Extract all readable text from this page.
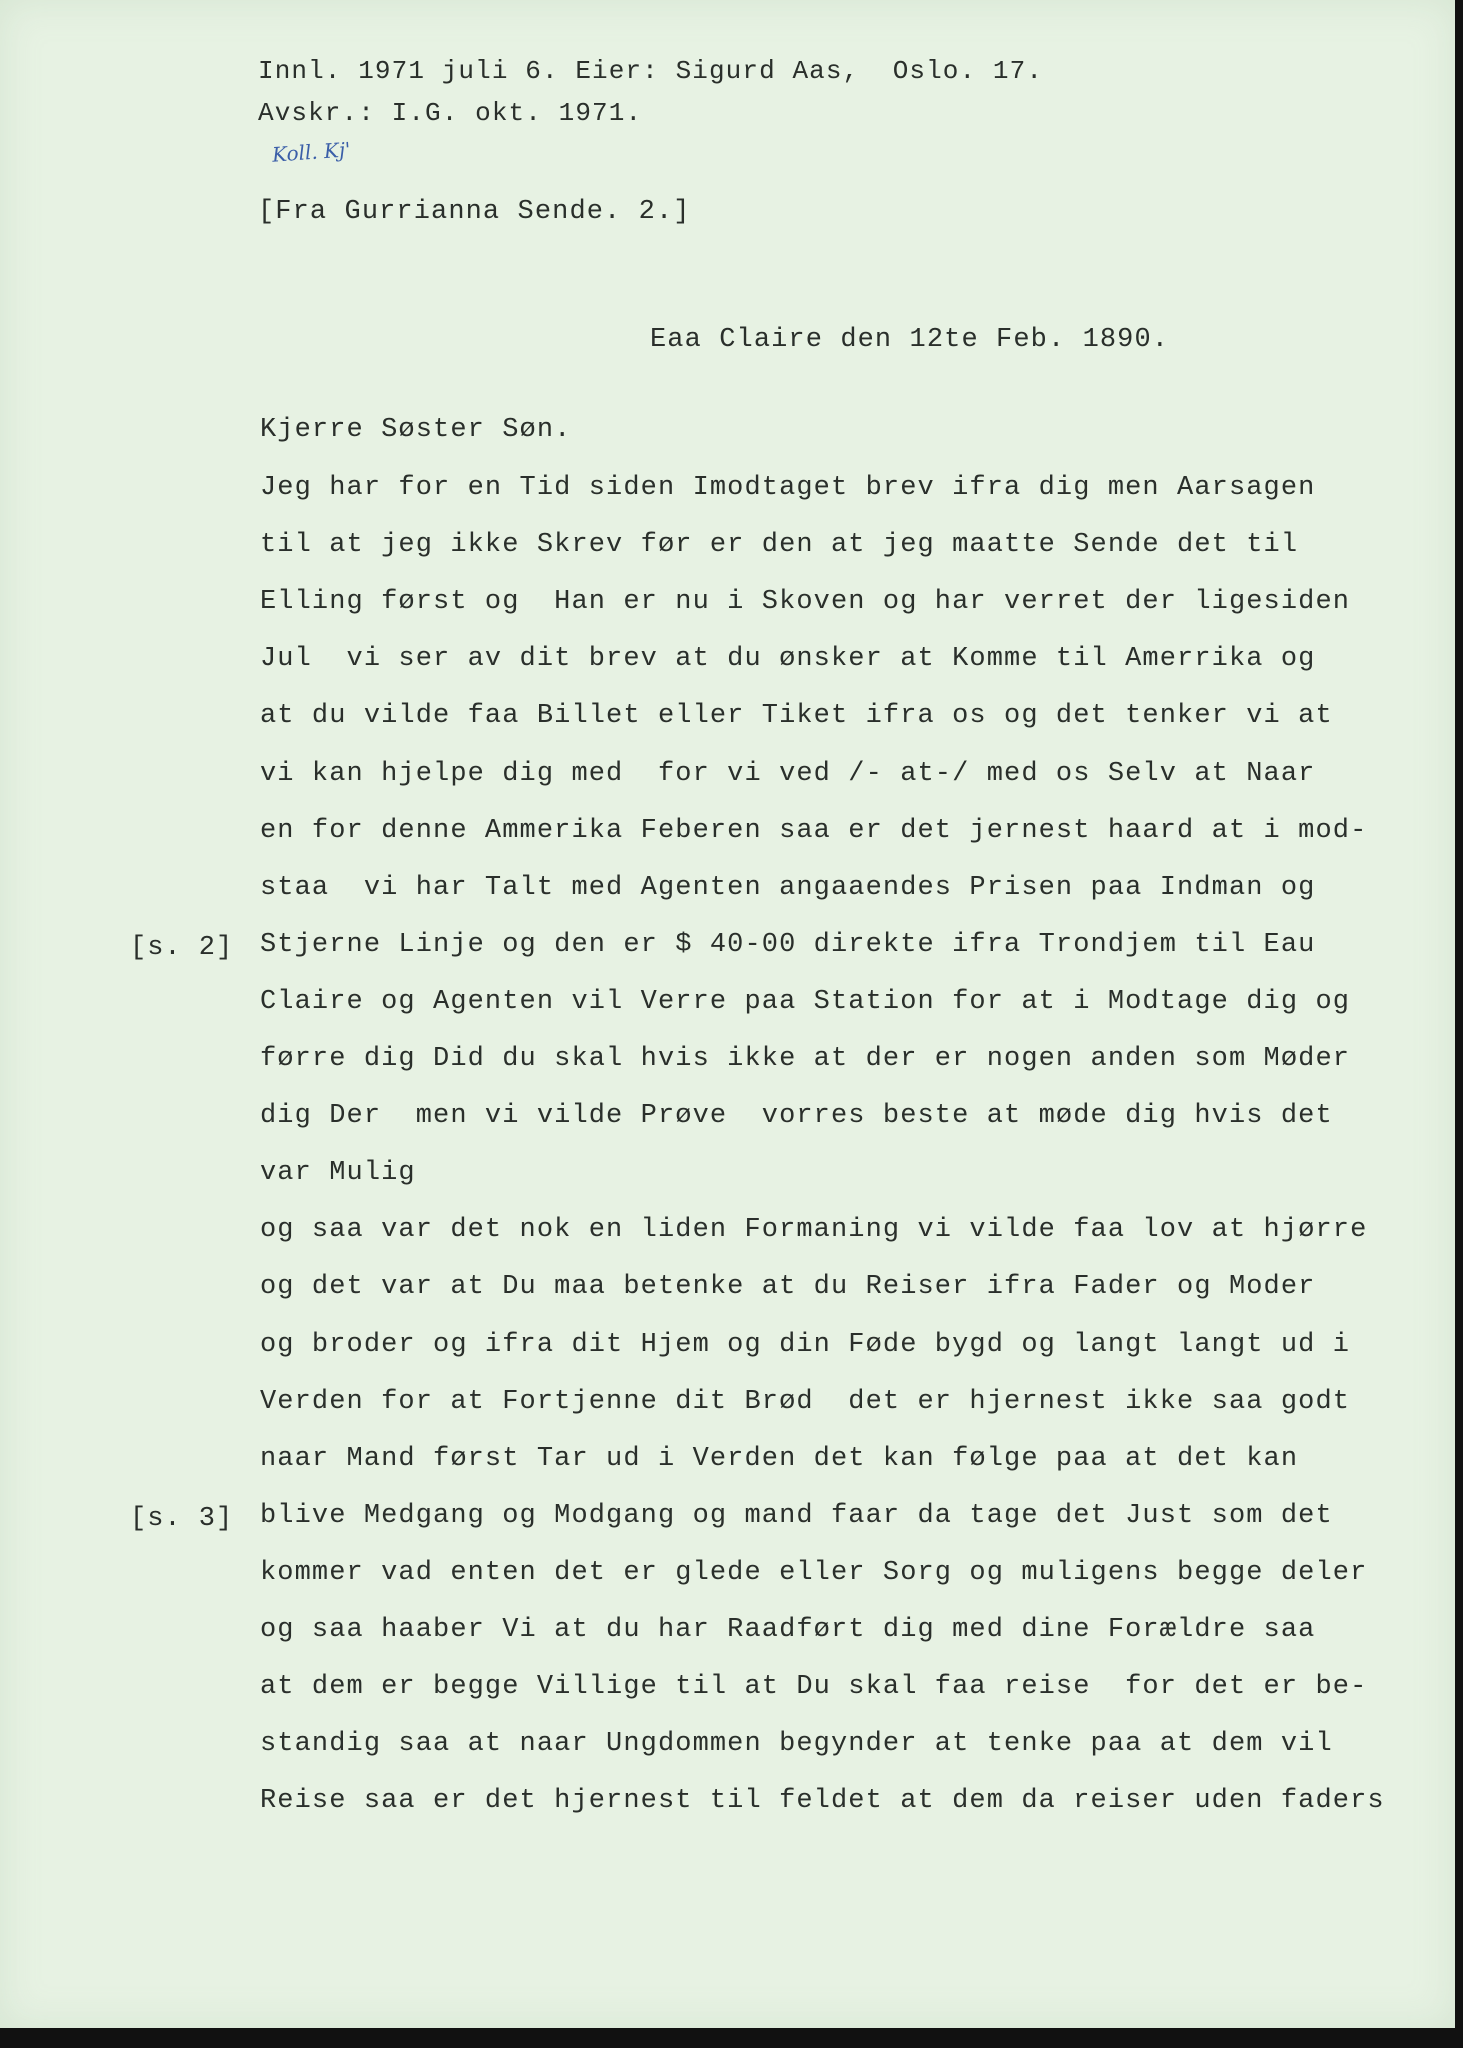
Innl. 1971 juli 6. Eier: Sigurd Aas,  Oslo. 17.
Avskr.: I.G. okt. 1971.
Koll. Kj'
[Fra Gurrianna Sende. 2.]
Eaa Claire den 12te Feb. 1890.
Kjerre Søster Søn.
Jeg har for en Tid siden Imodtaget brev ifra dig men Aarsagen
til at jeg ikke Skrev før er den at jeg maatte Sende det til
Elling først og  Han er nu i Skoven og har verret der ligesiden
Jul  vi ser av dit brev at du ønsker at Komme til Amerrika og
at du vilde faa Billet eller Tiket ifra os og det tenker vi at
vi kan hjelpe dig med  for vi ved /- at-/ med os Selv at Naar
en for denne Ammerika Feberen saa er det jernest haard at i mod-
staa  vi har Talt med Agenten angaaendes Prisen paa Indman og
Stjerne Linje og den er $ 40-00 direkte ifra Trondjem til Eau
Claire og Agenten vil Verre paa Station for at i Modtage dig og
førre dig Did du skal hvis ikke at der er nogen anden som Møder
dig Der  men vi vilde Prøve  vorres beste at møde dig hvis det
var Mulig
og saa var det nok en liden Formaning vi vilde faa lov at hjørre
og det var at Du maa betenke at du Reiser ifra Fader og Moder
og broder og ifra dit Hjem og din Føde bygd og langt langt ud i
Verden for at Fortjenne dit Brød  det er hjernest ikke saa godt
naar Mand først Tar ud i Verden det kan følge paa at det kan
blive Medgang og Modgang og mand faar da tage det Just som det
kommer vad enten det er glede eller Sorg og muligens begge deler
og saa haaber Vi at du har Raadført dig med dine Forældre saa
at dem er begge Villige til at Du skal faa reise  for det er be-
standig saa at naar Ungdommen begynder at tenke paa at dem vil
Reise saa er det hjernest til feldet at dem da reiser uden faders
[s. 2]
[s. 3]
